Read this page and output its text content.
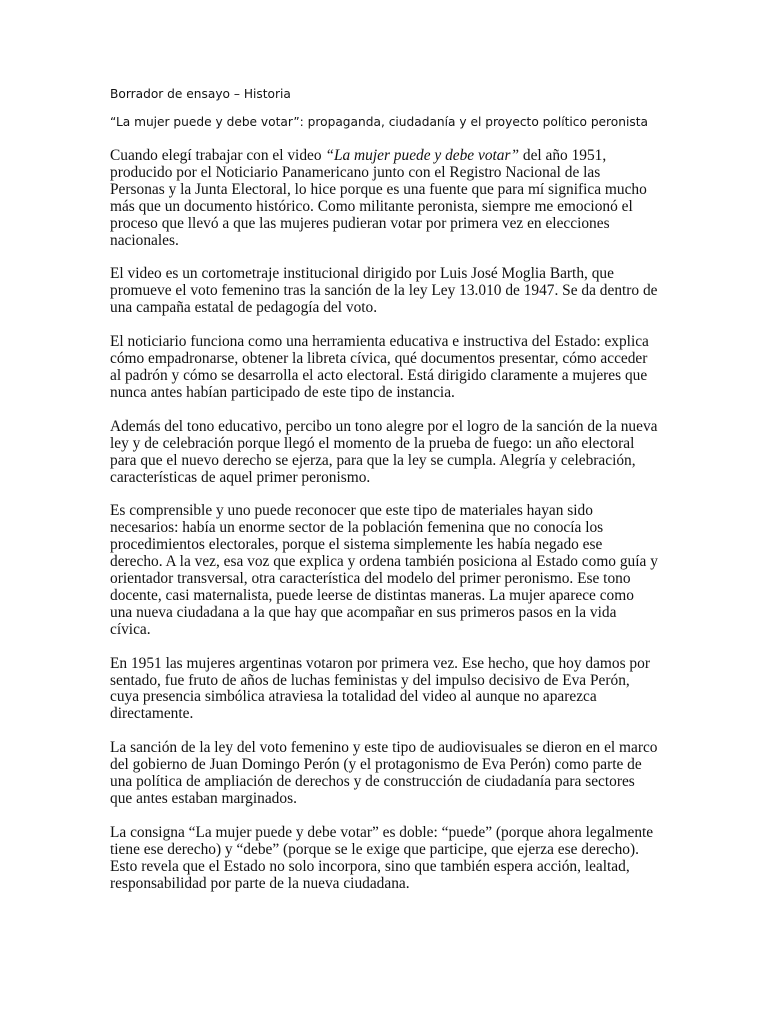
Borrador de ensayo – Historia

“La mujer puede y debe votar”: propaganda, ciudadanía y el proyecto político peronista

Cuando elegí trabajar con el video “La mujer puede y debe votar” del año 1951, producido por el Noticiario Panamericano junto con el Registro Nacional de las Personas y la Junta Electoral, lo hice porque es una fuente que para mí significa mucho más que un documento histórico. Como militante peronista, siempre me emocionó el proceso que llevó a que las mujeres pudieran votar por primera vez en elecciones nacionales.

El video es un cortometraje institucional dirigido por Luis José Moglia Barth, que promueve el voto femenino tras la sanción de la ley Ley 13.010 de 1947. Se da dentro de una campaña estatal de pedagogía del voto.

El noticiario funciona como una herramienta educativa e instructiva del Estado: explica cómo empadronarse, obtener la libreta cívica, qué documentos presentar, cómo acceder al padrón y cómo se desarrolla el acto electoral. Está dirigido claramente a mujeres que nunca antes habían participado de este tipo de instancia.

Además del tono educativo, percibo un tono alegre por el logro de la sanción de la nueva ley y de celebración porque llegó el momento de la prueba de fuego: un año electoral para que el nuevo derecho se ejerza, para que la ley se cumpla. Alegría y celebración, características de aquel primer peronismo.

Es comprensible y uno puede reconocer que este tipo de materiales hayan sido necesarios: había un enorme sector de la población femenina que no conocía los procedimientos electorales, porque el sistema simplemente les había negado ese derecho. A la vez, esa voz que explica y ordena también posiciona al Estado como guía y orientador transversal, otra característica del modelo del primer peronismo. Ese tono docente, casi maternalista, puede leerse de distintas maneras. La mujer aparece como una nueva ciudadana a la que hay que acompañar en sus primeros pasos en la vida cívica.

En 1951 las mujeres argentinas votaron por primera vez. Ese hecho, que hoy damos por sentado, fue fruto de años de luchas feministas y del impulso decisivo de Eva Perón, cuya presencia simbólica atraviesa la totalidad del video al aunque no aparezca directamente.

La sanción de la ley del voto femenino y este tipo de audiovisuales se dieron en el marco del gobierno de Juan Domingo Perón (y el protagonismo de Eva Perón) como parte de una política de ampliación de derechos y de construcción de ciudadanía para sectores que antes estaban marginados.

La consigna “La mujer puede y debe votar” es doble: “puede” (porque ahora legalmente tiene ese derecho) y “debe” (porque se le exige que participe, que ejerza ese derecho). Esto revela que el Estado no solo incorpora, sino que también espera acción, lealtad, responsabilidad por parte de la nueva ciudadana.
